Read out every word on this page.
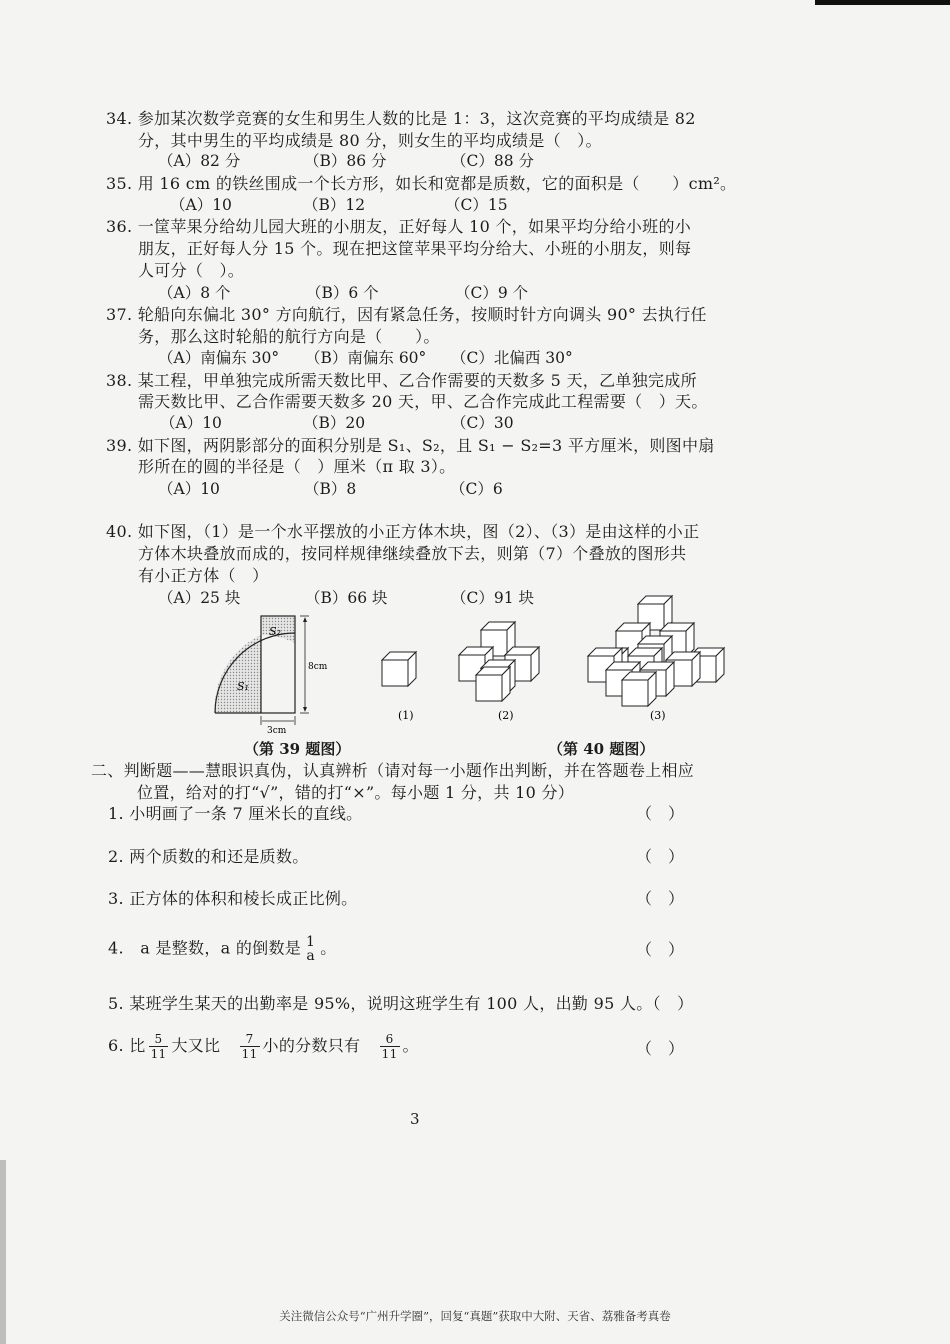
34. 参加某次数学竞赛的女生和男生人数的比是 1：3，这次竞赛的平均成绩是 82
分，其中男生的平均成绩是 80 分，则女生的平均成绩是（　）。
（A）82 分	（B）86 分	（C）88 分
35. 用 16 cm 的铁丝围成一个长方形，如长和宽都是质数，它的面积是（　　）cm²。
（A）10	（B）12	（C）15
36. 一筐苹果分给幼儿园大班的小朋友，正好每人 10 个，如果平均分给小班的小
朋友，正好每人分 15 个。现在把这筐苹果平均分给大、小班的小朋友，则每
人可分（　）。
（A）8 个	（B）6 个	（C）9 个
37. 轮船向东偏北 30° 方向航行，因有紧急任务，按顺时针方向调头 90° 去执行任
务，那么这时轮船的航行方向是（　　）。
（A）南偏东 30° （B）南偏东 60° （C）北偏西 30°
38. 某工程，甲单独完成所需天数比甲、乙合作需要的天数多 5 天，乙单独完成所
需天数比甲、乙合作需要天数多 20 天，甲、乙合作完成此工程需要（　）天。
（A）10	（B）20	（C）30
39. 如下图，两阴影部分的面积分别是 S₁、S₂，且 S₁ − S₂=3 平方厘米，则图中扇
形所在的圆的半径是（　）厘米（π 取 3）。
（A）10	（B）8	（C）6
40. 如下图，（1）是一个水平摆放的小正方体木块，图（2）、（3）是由这样的小正
方体木块叠放而成的，按同样规律继续叠放下去，则第（7）个叠放的图形共
有小正方体（　）
（A）25 块	（B）66 块	（C）91 块
S₂
S₁
8cm
3cm
(1)	(2)	(3)
（第 39 题图）	（第 40 题图）
二、判断题——慧眼识真伪，认真辨析（请对每一小题作出判断，并在答题卷上相应
位置，给对的打“√”，错的打“×”。每小题 1 分，共 10 分）
1. 小明画了一条 7 厘米长的直线。	（　）
2. 两个质数的和还是质数。	（　）
3. 正方体的体积和棱长成正比例。	（　）
4.　 a 是整数，a 的倒数是 1
a 。	（　）
5. 某班学生某天的出勤率是 95%，说明这班学生有 100 人，出勤 95 人。（　）
6. 比 $\frac{5}{11}$ 大又比　 $\frac{7}{11}$ 小的分数只有　 $\frac{6}{11}$ 。	（　）
3
关注微信公众号“广州升学圈”，回复“真题”获取中大附、天省、荔雅备考真卷
